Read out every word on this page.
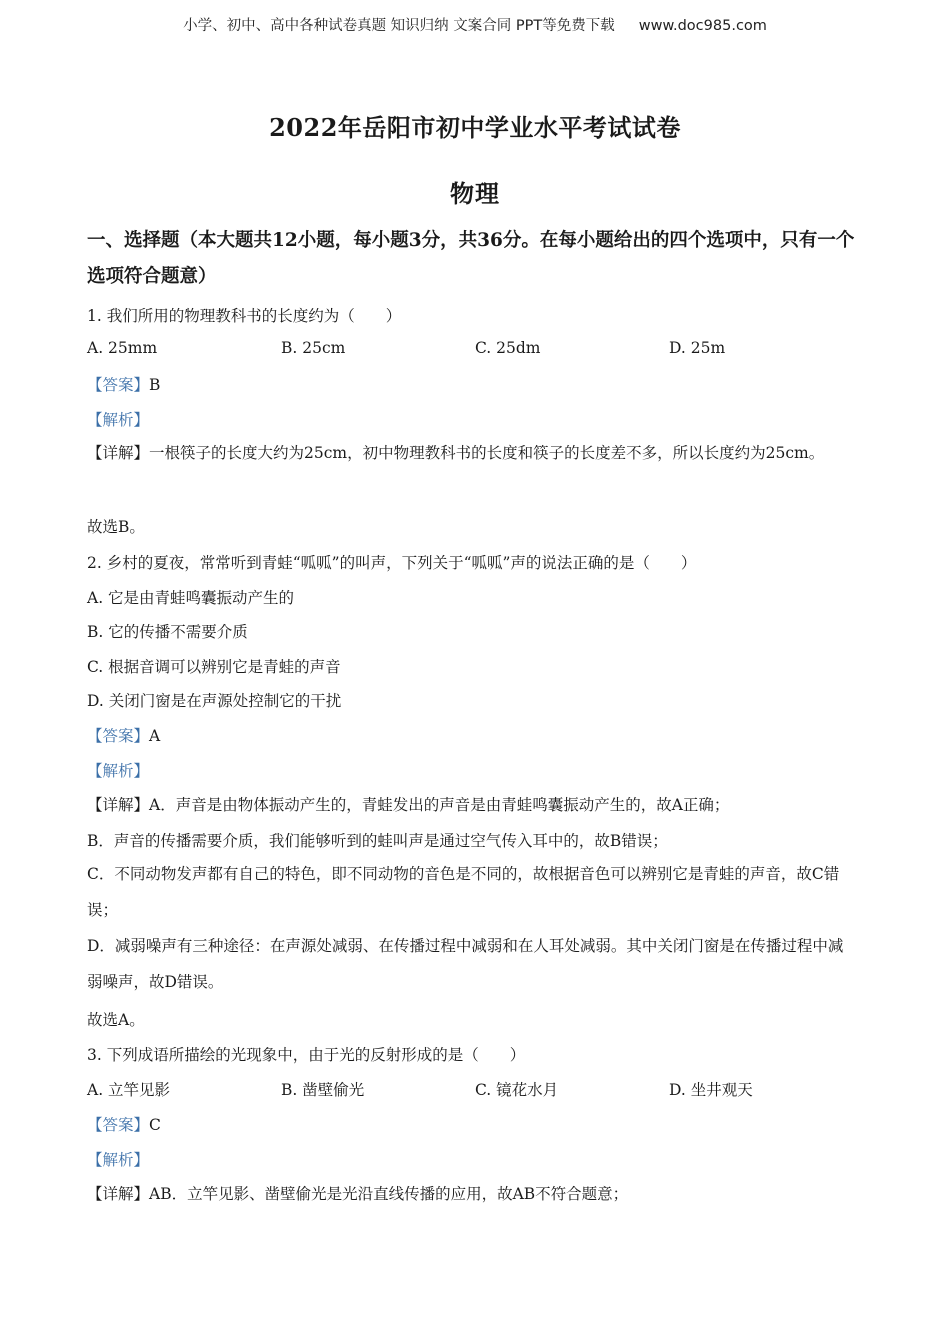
小学、初中、高中各种试卷真题 知识归纳 文案合同 PPT等免费下载 www.doc985.com
2022年岳阳市初中学业水平考试试卷
物理
一、选择题（本大题共12小题，每小题3分，共36分。在每小题给出的四个选项中，只有一个选项符合题意）
1. 我们所用的物理教科书的长度约为（　　）
A. 25mm	B. 25cm	C. 25dm	D. 25m
【答案】B
【解析】
【详解】一根筷子的长度大约为25cm，初中物理教科书的长度和筷子的长度差不多，所以长度约为25cm。
故选B。
2. 乡村的夏夜，常常听到青蛙“呱呱”的叫声，下列关于“呱呱”声的说法正确的是（　　）
A. 它是由青蛙鸣囊振动产生的
B. 它的传播不需要介质
C. 根据音调可以辨别它是青蛙的声音
D. 关闭门窗是在声源处控制它的干扰
【答案】A
【解析】
【详解】A．声音是由物体振动产生的，青蛙发出的声音是由青蛙鸣囊振动产生的，故A正确；
B．声音的传播需要介质，我们能够听到的蛙叫声是通过空气传入耳中的，故B错误；
C．不同动物发声都有自己的特色，即不同动物的音色是不同的，故根据音色可以辨别它是青蛙的声音，故C错误；
D．减弱噪声有三种途径：在声源处减弱、在传播过程中减弱和在人耳处减弱。其中关闭门窗是在传播过程中减弱噪声，故D错误。
故选A。
3. 下列成语所描绘的光现象中，由于光的反射形成的是（　　）
A. 立竿见影	B. 凿壁偷光	C. 镜花水月	D. 坐井观天
【答案】C
【解析】
【详解】AB．立竿见影、凿壁偷光是光沿直线传播的应用，故AB不符合题意；
